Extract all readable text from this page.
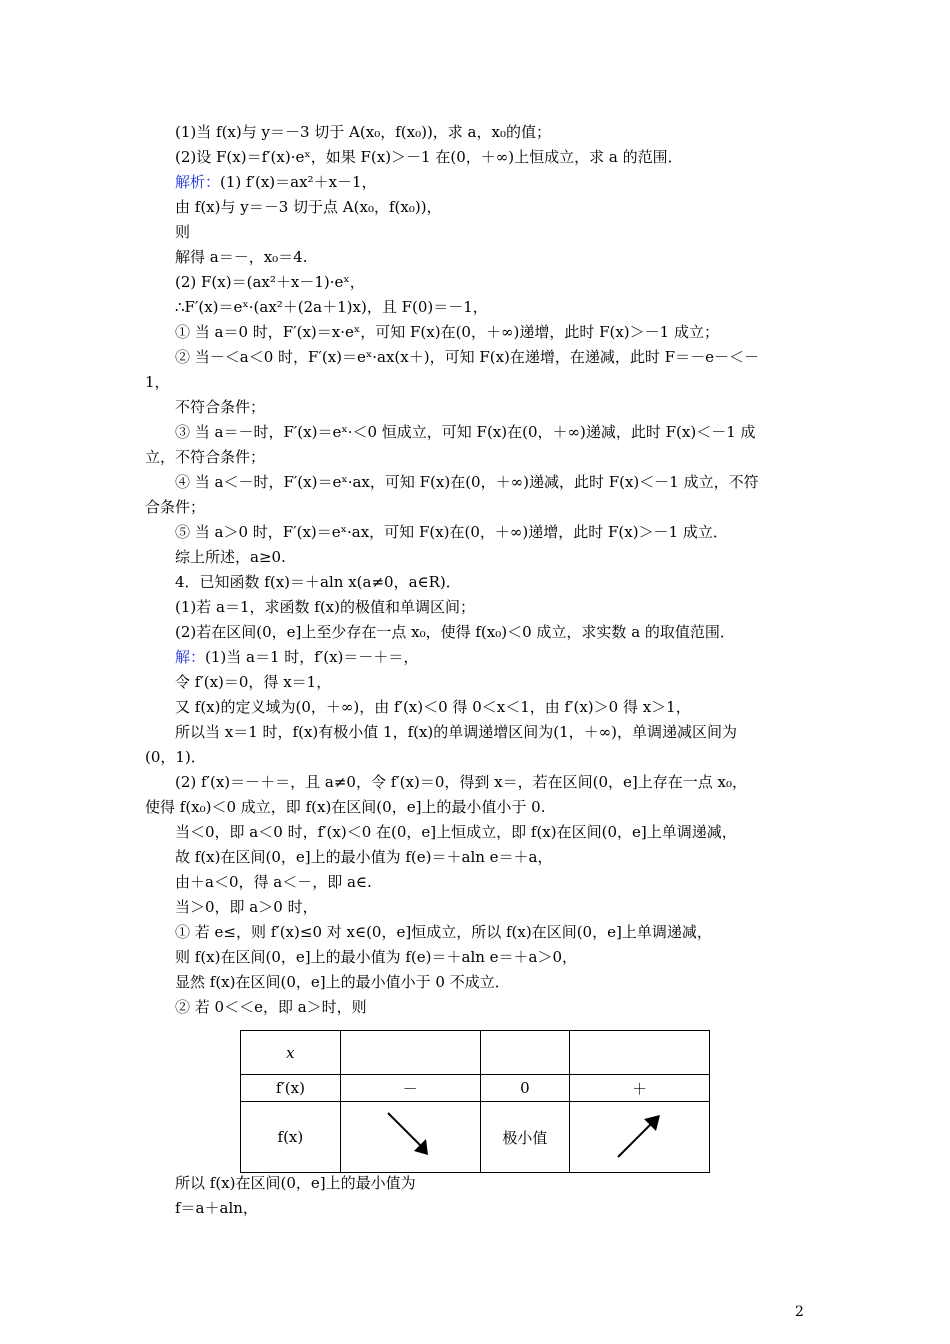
(1)当 f(x)与 y＝－3 切于 A(x₀，f(x₀))，求 a，x₀的值；
(2)设 F(x)＝f′(x)·eˣ，如果 F(x)＞－1 在(0，＋∞)上恒成立，求 a 的范围．
解析：(1) f′(x)＝ax²＋x－1，
由 f(x)与 y＝－3 切于点 A(x₀，f(x₀))，
则
解得 a＝－，x₀＝4.
(2) F(x)＝(ax²＋x－1)·eˣ，
∴F′(x)＝eˣ·(ax²＋(2a＋1)x)，且 F(0)＝－1，
① 当 a＝0 时，F′(x)＝x·eˣ，可知 F(x)在(0，＋∞)递增，此时 F(x)＞－1 成立；
② 当－＜a＜0 时，F′(x)＝eˣ·ax(x＋)，可知 F(x)在递增，在递减，此时 F＝－e－＜－
1，
不符合条件；
③ 当 a＝－时，F′(x)＝eˣ·＜0 恒成立，可知 F(x)在(0，＋∞)递减，此时 F(x)＜－1 成
立，不符合条件；
④ 当 a＜－时，F′(x)＝eˣ·ax，可知 F(x)在(0，＋∞)递减，此时 F(x)＜－1 成立，不符
合条件；
⑤ 当 a＞0 时，F′(x)＝eˣ·ax，可知 F(x)在(0，＋∞)递增，此时 F(x)＞－1 成立．
综上所述，a≥0.
4．已知函数 f(x)＝＋aln x(a≠0，a∈R)．
(1)若 a＝1，求函数 f(x)的极值和单调区间；
(2)若在区间(0，e]上至少存在一点 x₀，使得 f(x₀)＜0 成立，求实数 a 的取值范围．
解：(1)当 a＝1 时，f′(x)＝－＋＝，
令 f′(x)＝0，得 x＝1，
又 f(x)的定义域为(0，＋∞)，由 f′(x)＜0 得 0＜x＜1，由 f′(x)＞0 得 x＞1，
所以当 x＝1 时，f(x)有极小值 1，f(x)的单调递增区间为(1，＋∞)，单调递减区间为
(0，1)．
(2) f′(x)＝－＋＝，且 a≠0，令 f′(x)＝0，得到 x＝，若在区间(0，e]上存在一点 x₀，
使得 f(x₀)＜0 成立，即 f(x)在区间(0，e]上的最小值小于 0.
当＜0，即 a＜0 时，f′(x)＜0 在(0，e]上恒成立，即 f(x)在区间(0，e]上单调递减，
故 f(x)在区间(0，e]上的最小值为 f(e)＝＋aln e＝＋a，
由＋a＜0，得 a＜－，即 a∈.
当＞0，即 a＞0 时，
① 若 e≤，则 f′(x)≤0 对 x∈(0，e]恒成立，所以 f(x)在区间(0，e]上单调递减，
则 f(x)在区间(0，e]上的最小值为 f(e)＝＋aln e＝＋a＞0，
显然 f(x)在区间(0，e]上的最小值小于 0 不成立．
② 若 0＜＜e，即 a＞时，则
x			
f′(x)	－	0	＋
f(x)		极小值	
所以 f(x)在区间(0，e]上的最小值为
f＝a＋aln，
2
